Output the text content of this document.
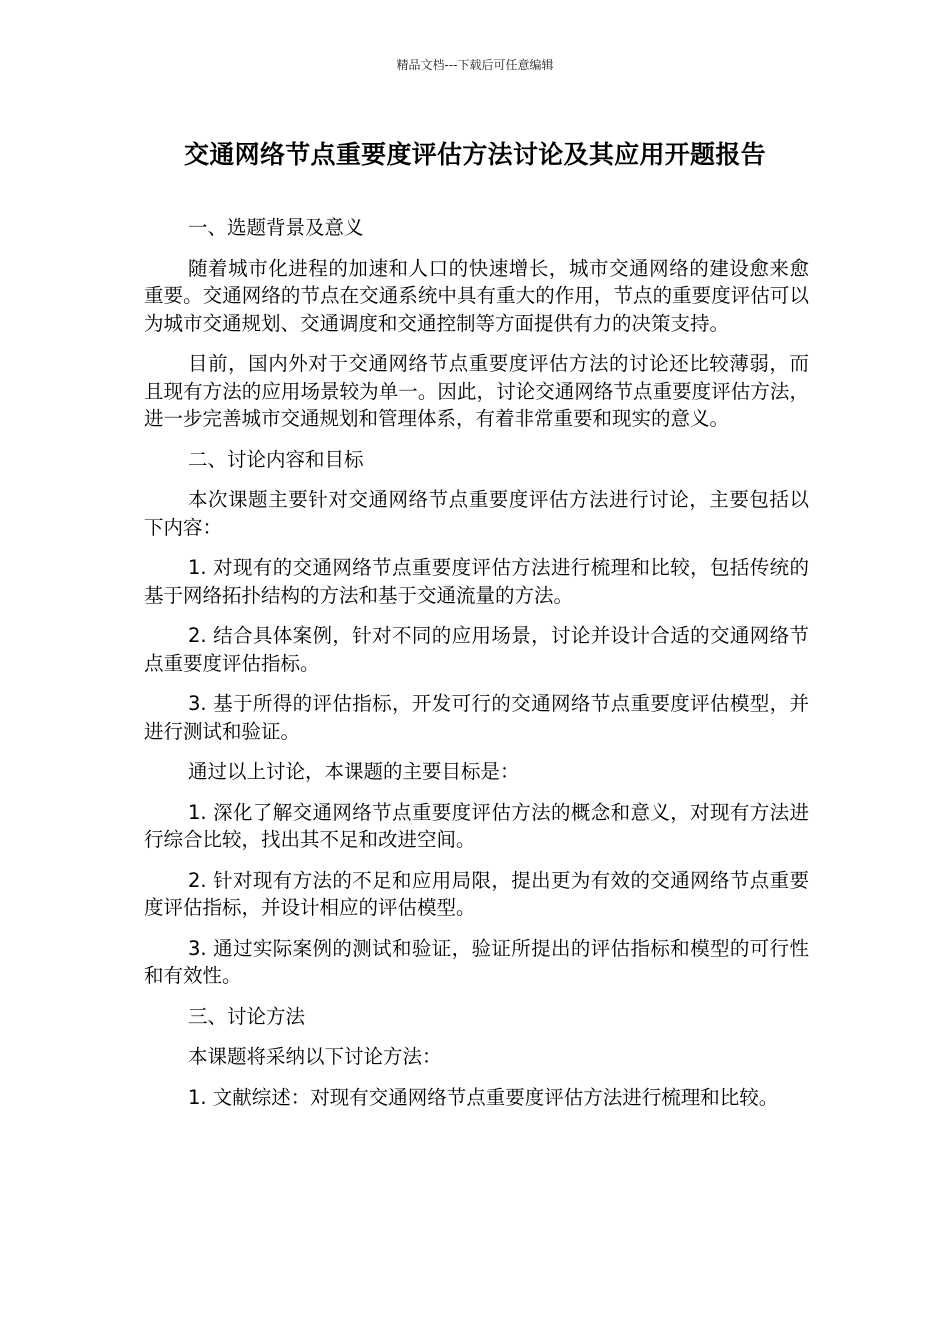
精品文档---下载后可任意编辑
交通网络节点重要度评估方法讨论及其应用开题报告

一、选题背景及意义

随着城市化进程的加速和人口的快速增长，城市交通网络的建设愈来愈重要。交通网络的节点在交通系统中具有重大的作用，节点的重要度评估可以为城市交通规划、交通调度和交通控制等方面提供有力的决策支持。

目前，国内外对于交通网络节点重要度评估方法的讨论还比较薄弱，而且现有方法的应用场景较为单一。因此，讨论交通网络节点重要度评估方法，进一步完善城市交通规划和管理体系，有着非常重要和现实的意义。

二、讨论内容和目标

本次课题主要针对交通网络节点重要度评估方法进行讨论，主要包括以下内容：

1. 对现有的交通网络节点重要度评估方法进行梳理和比较，包括传统的基于网络拓扑结构的方法和基于交通流量的方法。

2. 结合具体案例，针对不同的应用场景，讨论并设计合适的交通网络节点重要度评估指标。

3. 基于所得的评估指标，开发可行的交通网络节点重要度评估模型，并进行测试和验证。

通过以上讨论，本课题的主要目标是：

1. 深化了解交通网络节点重要度评估方法的概念和意义，对现有方法进行综合比较，找出其不足和改进空间。

2. 针对现有方法的不足和应用局限，提出更为有效的交通网络节点重要度评估指标，并设计相应的评估模型。

3. 通过实际案例的测试和验证，验证所提出的评估指标和模型的可行性和有效性。

三、讨论方法

本课题将采纳以下讨论方法：

1. 文献综述：对现有交通网络节点重要度评估方法进行梳理和比较。
